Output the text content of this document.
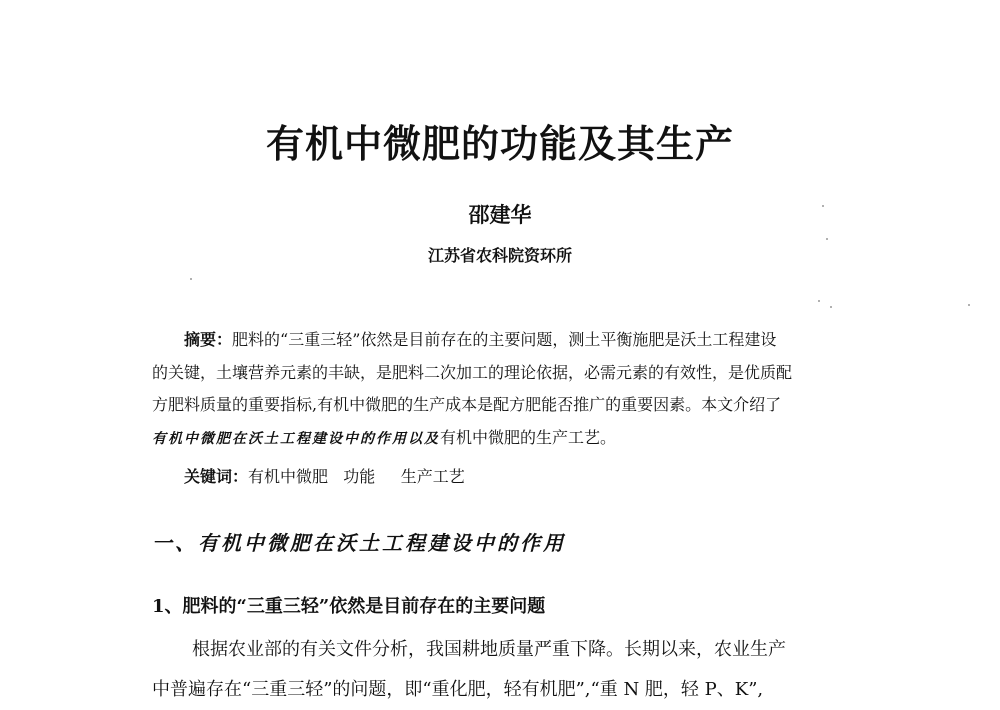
有机中微肥的功能及其生产
邵建华
江苏省农科院资环所

摘要：肥料的“三重三轻”依然是目前存在的主要问题，测土平衡施肥是沃土工程建设

的关键，土壤营养元素的丰缺，是肥料二次加工的理论依据，必需元素的有效性，是优质配

方肥料质量的重要指标,有机中微肥的生产成本是配方肥能否推广的重要因素。本文介绍了

有机中微肥在沃土工程建设中的作用以及有机中微肥的生产工艺。

关键词：有机中微肥   功能     生产工艺
一、有机中微肥在沃土工程建设中的作用
1、肥料的“三重三轻”依然是目前存在的主要问题

根据农业部的有关文件分析，我国耕地质量严重下降。长期以来，农业生产

中普遍存在“三重三轻”的问题，即“重化肥，轻有机肥”,“重 N 肥，轻 P、K”,
